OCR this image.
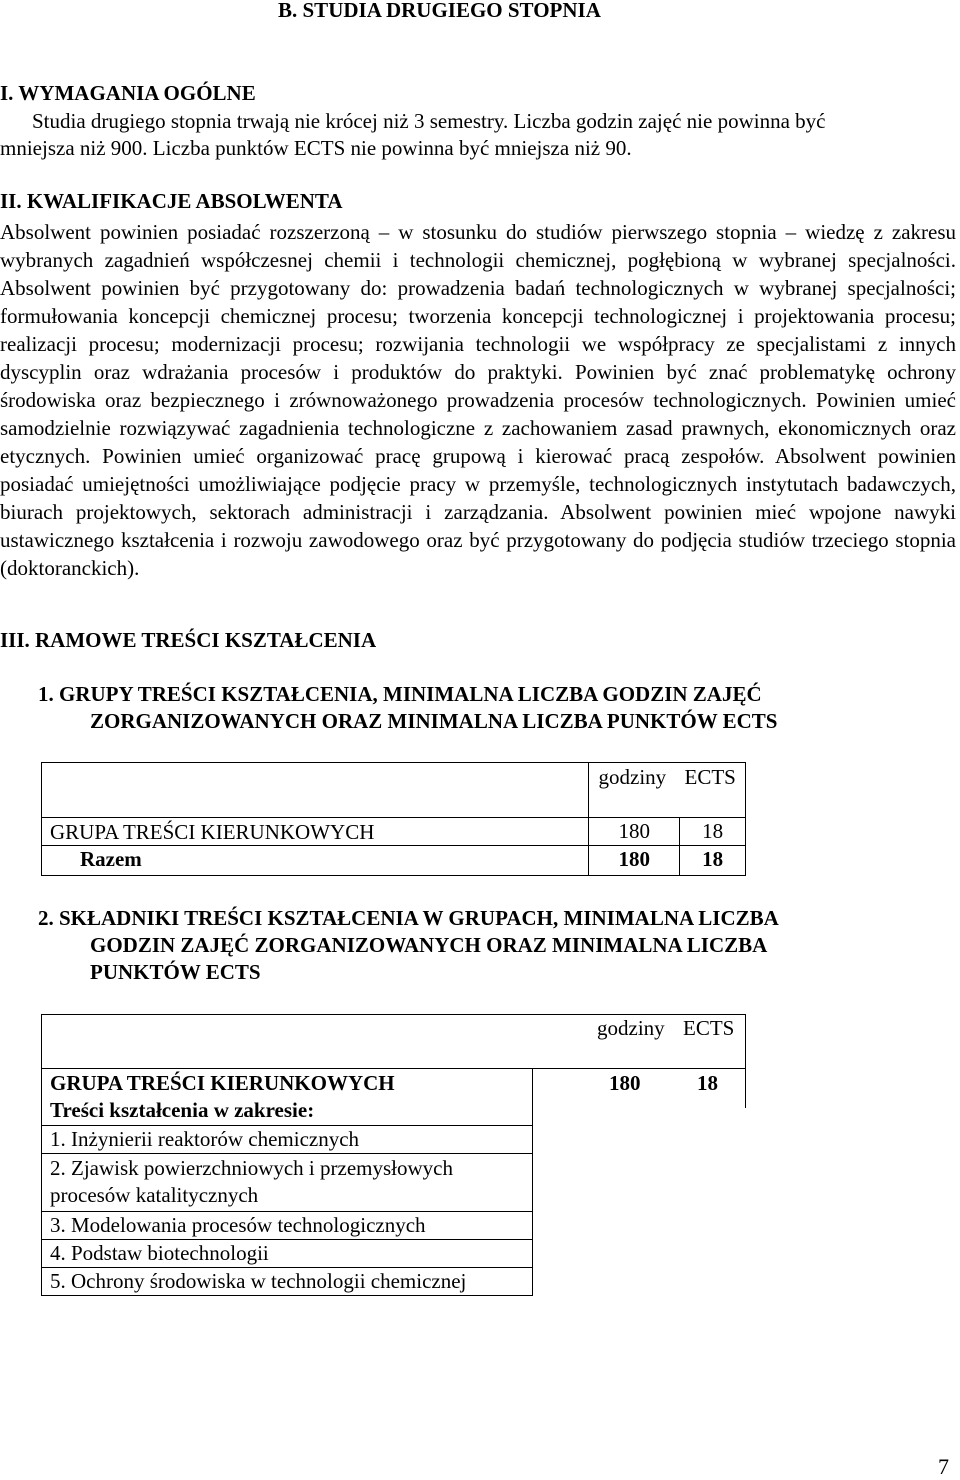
B. STUDIA DRUGIEGO STOPNIA
I. WYMAGANIA OGÓLNE
Studia drugiego stopnia trwają nie krócej niż 3 semestry. Liczba godzin zajęć nie powinna być
mniejsza niż 900. Liczba punktów ECTS nie powinna być mniejsza niż 90.
II. KWALIFIKACJE ABSOLWENTA
Absolwent powinien posiadać rozszerzoną – w stosunku do studiów pierwszego stopnia – wiedzę z zakresu wybranych zagadnień współczesnej chemii i technologii chemicznej, pogłębioną w wybranej specjalności. Absolwent powinien być przygotowany do: prowadzenia badań technologicznych w wybranej specjalności; formułowania koncepcji chemicznej procesu; tworzenia koncepcji technologicznej i projektowania procesu; realizacji procesu; modernizacji procesu; rozwijania technologii we współpracy ze specjalistami z innych dyscyplin oraz wdrażania procesów i produktów do praktyki. Powinien być znać problematykę ochrony środowiska oraz bezpiecznego i zrównoważonego prowadzenia procesów technologicznych. Powinien umieć samodzielnie rozwiązywać zagadnienia technologiczne z zachowaniem zasad prawnych, ekonomicznych oraz etycznych. Powinien umieć organizować pracę grupową i kierować pracą zespołów. Absolwent powinien posiadać umiejętności umożliwiające podjęcie pracy w przemyśle, technologicznych instytutach badawczych, biurach projektowych, sektorach administracji i zarządzania. Absolwent powinien mieć wpojone nawyki ustawicznego kształcenia i rozwoju zawodowego oraz być przygotowany do podjęcia studiów trzeciego stopnia (doktoranckich).
III. RAMOWE TREŚCI KSZTAŁCENIA
1. GRUPY TREŚCI KSZTAŁCENIA, MINIMALNA LICZBA GODZIN ZAJĘĆ
ZORGANIZOWANYCH ORAZ MINIMALNA LICZBA PUNKTÓW ECTS

	godziny ECTS	

GRUPA TREŚCI KIERUNKOWYCH	180	18

Razem	180	18
2. SKŁADNIKI TREŚCI KSZTAŁCENIA W GRUPACH, MINIMALNA LICZBA
GODZIN ZAJĘĆ ZORGANIZOWANYCH ORAZ MINIMALNA LICZBA
PUNKTÓW ECTS
godziny ECTS
GRUPA TREŚCI KIERUNKOWYCH	180	18
Treści kształcenia w zakresie:
1. Inżynierii reaktorów chemicznych
2. Zjawisk powierzchniowych i przemysłowych procesów katalitycznych
3. Modelowania procesów technologicznych
4. Podstaw biotechnologii
5. Ochrony środowiska w technologii chemicznej
7
